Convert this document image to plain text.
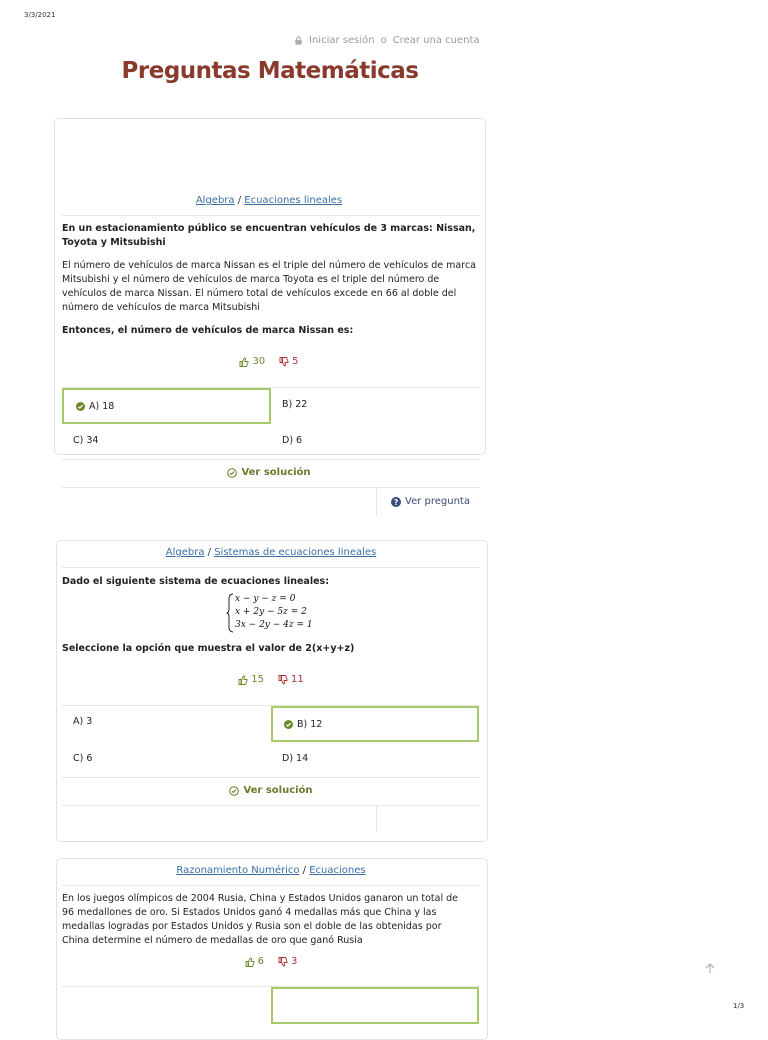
3/3/2021
1/3
Iniciar sesión o Crear una cuenta
Preguntas Matemáticas
Algebra / Ecuaciones lineales
En un estacionamiento público se encuentran vehículos de 3 marcas: Nissan, Toyota y Mitsubishi
El número de vehículos de marca Nissan es el triple del número de vehículos de marca Mitsubishi y el número de vehículos de marca Toyota es el triple del número de vehículos de marca Nissan. El número total de vehículos excede en 66 al doble del número de vehículos de marca Mitsubishi
Entonces, el número de vehículos de marca Nissan es:
30	5
A) 18	B) 22
C) 34	D) 6
Ver solución
? Ver pregunta
Algebra / Sistemas de ecuaciones lineales
Dado el siguiente sistema de ecuaciones lineales:
x − y − z = 0
x + 2y − 5z = 2
3x − 2y − 4z = 1
Seleccione la opción que muestra el valor de 2(x+y+z)
15	11
A) 3	B) 12
C) 6	D) 14
Ver solución
Razonamiento Numérico / Ecuaciones
En los juegos olímpicos de 2004 Rusia, China y Estados Unidos ganaron un total de 96 medallones de oro. Si Estados Unidos ganó 4 medallas más que China y las medallas logradas por Estados Unidos y Rusia son el doble de las obtenidas por China determine el número de medallas de oro que ganó Rusia
6	3
